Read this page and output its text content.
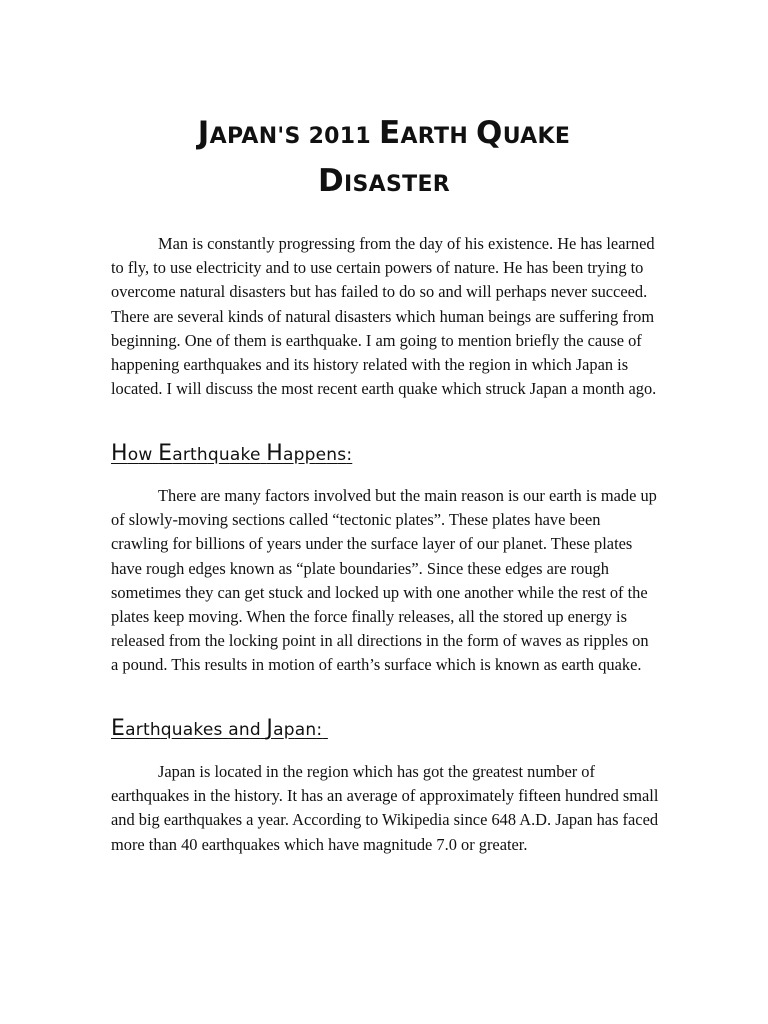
JAPAN'S 2011 EARTH QUAKE
DISASTER

Man is constantly progressing from the day of his existence. He has learned to fly, to use electricity and to use certain powers of nature. He has been trying to overcome natural disasters but has failed to do so and will perhaps never succeed. There are several kinds of natural disasters which human beings are suffering from beginning. One of them is earthquake. I am going to mention briefly the cause of happening earthquakes and its history related with the region in which Japan is located. I will discuss the most recent earth quake which struck Japan a month ago.

How Earthquake Happens:

There are many factors involved but the main reason is our earth is made up of slowly-moving sections called “tectonic plates”. These plates have been crawling for billions of years under the surface layer of our planet. These plates have rough edges known as “plate boundaries”. Since these edges are rough sometimes they can get stuck and locked up with one another while the rest of the plates keep moving. When the force finally releases, all the stored up energy is released from the locking point in all directions in the form of waves as ripples on a pound. This results in motion of earth’s surface which is known as earth quake.

Earthquakes and Japan:

Japan is located in the region which has got the greatest number of earthquakes in the history. It has an average of approximately fifteen hundred small and big earthquakes a year. According to Wikipedia since 648 A.D. Japan has faced more than 40 earthquakes which have magnitude 7.0 or greater.
